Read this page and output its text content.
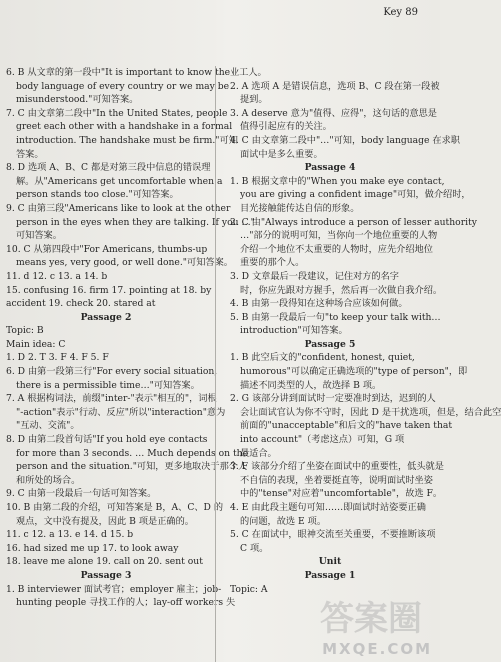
Key 89
6. B 从文章的第一段中"It is important to know the
body language of every country or we may be
misunderstood."可知答案。
7. C 由文章第二段中"In the United States, people
greet each other with a handshake in a formal
introduction. The handshake must be firm."可知
答案。
8. D 选项 A、B、C 都是对第三段中信息的错误理
解。从"Americans get uncomfortable when a
person stands too close."可知答案。
9. C 由第三段"Americans like to look at the other
person in the eyes when they are talking. If you …"
可知答案。
10. C 从第四段中"For Americans, thumbs-up
means yes, very good, or well done."可知答案。
11. d 12. c 13. a 14. b
15. confusing 16. firm 17. pointing at 18. by
accident 19. check 20. stared at
Passage 2
Topic: B
Main idea: C
1. D 2. T 3. F 4. F 5. F
6. D 由第一段第三行"For every social situation,
there is a permissible time…"可知答案。
7. A 根据构词法，前缀"inter-"表示"相互的"，词根
"-action"表示"行动、反应"所以"interaction"意为
"互动、交流"。
8. D 由第二段首句话"If you hold eye contacts
for more than 3 seconds. … Much depends on the
person and the situation."可知，更多地取决于那个人
和所处的场合。
9. C 由第一段最后一句话可知答案。
10. B 由第二段的介绍，可知答案是 B，A、C、D 的
观点，文中没有提及，因此 B 项是正确的。
11. c 12. a 13. e 14. d 15. b
16. had sized me up 17. to look away
18. leave me alone 19. call on 20. sent out
Passage 3
1. B interviewer 面试考官；employer 雇主；job-
hunting people 寻找工作的人；lay-off workers 失
业工人。
2. A 选项 A 是错误信息，选项 B、C 段在第一段被
提到。
3. A deserve 意为"值得、应得"，这句话的意思是
值得引起应有的关注。
4. C 由文章第二段中"…"可知，body language 在求职
面试中是多么重要。
Passage 4
1. B 根据文章中的"When you make eye contact,
you are giving a confident image"可知，做介绍时，
目光接触能传达自信的形象。
2. C 由"Always introduce a person of lesser authority
…"部分的说明可知，当你向一个地位重要的人物
介绍一个地位不太重要的人物时，应先介绍地位
重要的那个人。
3. D 文章最后一段建议，记住对方的名字
时，你应先跟对方握手，然后再一次做自我介绍。
4. B 由第一段得知在这种场合应该如何做。
5. B 由第一段最后一句"to keep your talk with…
introduction"可知答案。
Passage 5
1. B 此空后文的"confident, honest, quiet,
humorous"可以确定正确选项的"type of person"，即
描述不同类型的人，故选择 B 项。
2. G 该部分讲到面试时一定要准时到达，迟到的人
会让面试官认为你不守时，因此 D 是干扰选项，但是，结合此空
前面的"unacceptable"和后文的"have taken that
into account"（考虑这点）可知，G 项
最适合。
3. F 该部分介绍了坐姿在面试中的重要性，低头就是
不自信的表现，坐着要挺直等，说明面试时坐姿
中的"tense"对应着"uncomfortable"，故选 F。
4. E 由此段主题句可知……即面试时站姿要正确
的问题，故选 E 项。
5. C 在面试中，眼神交流至关重要，不要推断该项
C 项。
Unit
Passage 1
Topic: A
答案圈
MXQE.COM
